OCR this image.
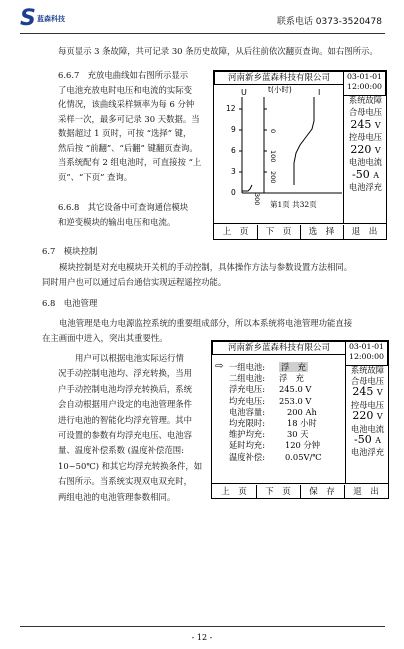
S 蓝森科技	联系电话 0373-3520478
每页显示 3 条故障，共可记录 30 条历史故障，从后往前依次翻页查询。如右图所示。
6.6.7　充放电曲线如右图所示显示
了电池充放电时电压和电流的实际变
化情况，该曲线采样频率为每 6 分钟
采样一次，最多可记录 30 天数据。当
数据超过 1 页时，可按 “选择” 键，
然后按 “前翻”、“后翻” 键翻页查询。
当系统配有 2 组电池时，可直接按 “上
页”、“下页” 查询。
6.6.8　其它设备中可查询通信模块
和逆变模块的输出电压和电流。
河南新乡蓝森科技有限公司	03-01-01
12:00:00
U	t(小时)	I
12
9
6
3
0
300
200
100
0
第1页 共32页
系统故障
合母电压
245 V
控母电压
220 V
电池电流
-50 A
电池浮充
上　页	下　页	选　择	退　出
6.7　模块控制
模块控制是对充电模块开关机的手动控制，具体操作方法与参数设置方法相同。
同时用户也可以通过后台通信实现远程遥控功能。
6.8　电池管理
电池管理是电力电源监控系统的重要组成部分，所以本系统将电池管理功能直接
在主画面中进入，突出其重要性。
用户可以根据电池实际运行情
况手动控制电池均、浮充转换，当用
户手动控制电池均浮充转换后，系统
会自动根据用户设定的电池管理条件
进行电池的智能化均浮充管理。其中
可设置的参数有均浮充电压、电池容
量、温度补偿系数 (温度补偿范围:
10~50℃) 和其它均浮充转换条件，如
右图所示。当系统实现双电双充时，
两组电池的电池管理参数相同。
河南新乡蓝森科技有限公司	03-01-01
12:00:00
⇨ 一组电池: 浮　充
二组电池: 浮　充
浮充电压: 245.0 V
均充电压: 253.0 V
电池容量:	200 Ah
均充限时:	18 小时
维护均充:	30 天
延时均充: 120 分钟
温度补偿: 0.05V/℃
系统故障
合母电压
245 V
控母电压
220 V
电池电流
-50 A
电池浮充
上　页	下　页	保　存	退　出
- 12 -
